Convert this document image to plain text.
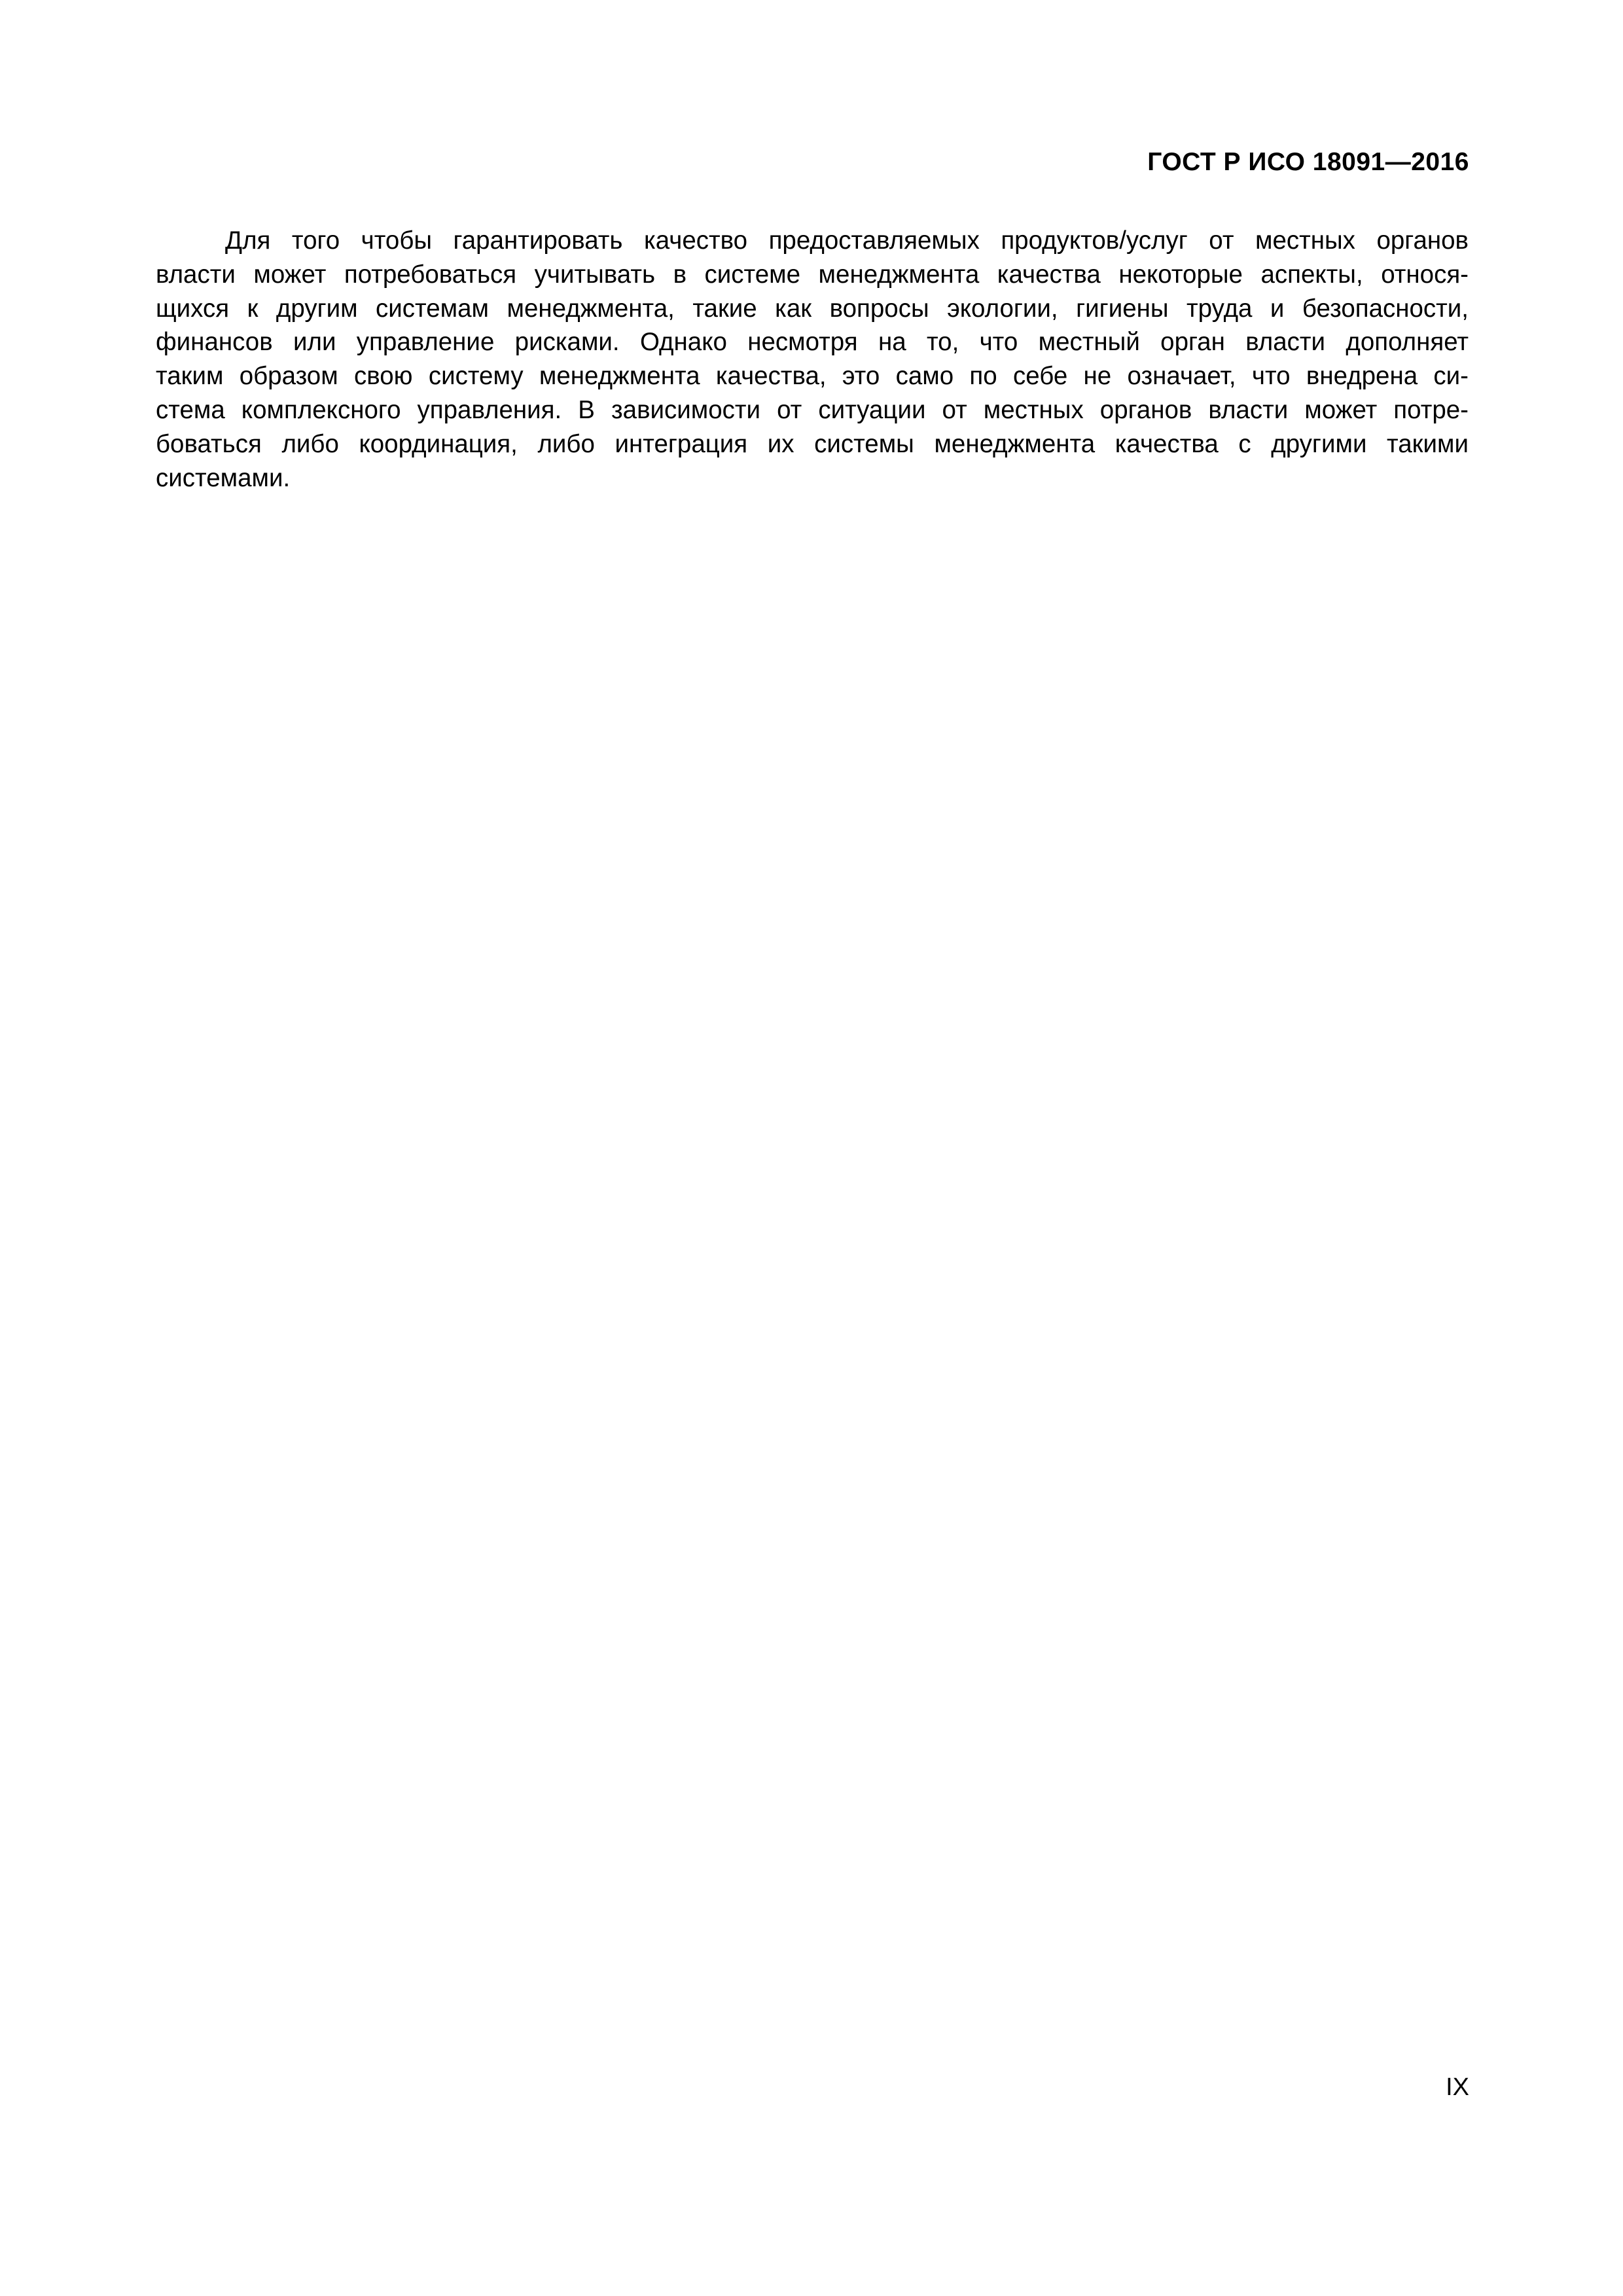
ГОСТ Р ИСО 18091—2016
Для того чтобы гарантировать качество предоставляемых продуктов/услуг от местных органов
власти может потребоваться учитывать в системе менеджмента качества некоторые аспекты, относя-
щихся к другим системам менеджмента, такие как вопросы экологии, гигиены труда и безопасности,
финансов или управление рисками. Однако несмотря на то, что местный орган власти дополняет
таким образом свою систему менеджмента качества, это само по себе не означает, что внедрена си-
стема комплексного управления. В зависимости от ситуации от местных органов власти может потре-
боваться либо координация, либо интеграция их системы менеджмента качества с другими такими
системами.
IX
